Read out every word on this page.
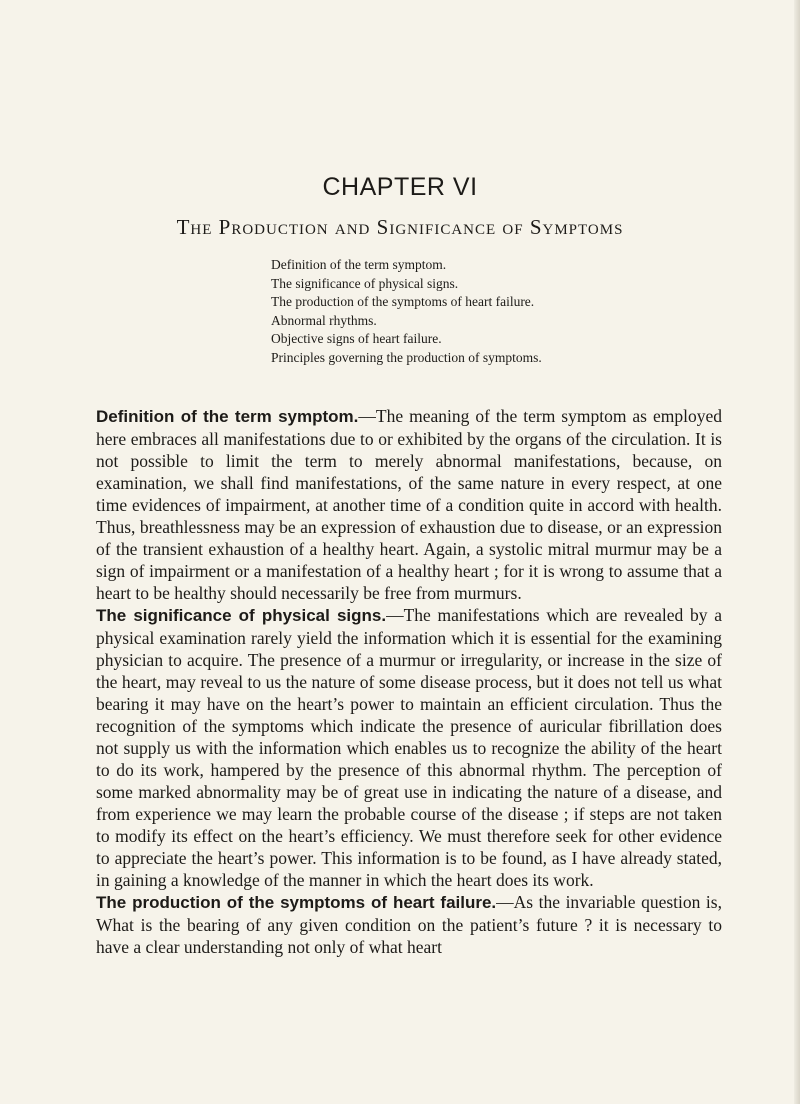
CHAPTER VI
The Production and Significance of Symptoms
Definition of the term symptom.
The significance of physical signs.
The production of the symptoms of heart failure.
Abnormal rhythms.
Objective signs of heart failure.
Principles governing the production of symptoms.

Definition of the term symptom.—The meaning of the term symptom as employed here embraces all manifestations due to or exhibited by the organs of the circulation. It is not possible to limit the term to merely abnormal manifestations, because, on examination, we shall find manifestations, of the same nature in every respect, at one time evidences of impairment, at another time of a condition quite in accord with health. Thus, breathlessness may be an expression of exhaustion due to disease, or an expression of the transient exhaustion of a healthy heart. Again, a systolic mitral murmur may be a sign of impairment or a manifestation of a healthy heart ; for it is wrong to assume that a heart to be healthy should necessarily be free from murmurs.

The significance of physical signs.—The manifestations which are revealed by a physical examination rarely yield the information which it is essential for the examining physician to acquire. The presence of a murmur or irregularity, or increase in the size of the heart, may reveal to us the nature of some disease process, but it does not tell us what bearing it may have on the heart’s power to maintain an efficient circulation. Thus the recognition of the symptoms which indicate the presence of auricular fibrillation does not supply us with the information which enables us to recognize the ability of the heart to do its work, hampered by the presence of this abnormal rhythm. The perception of some marked abnormality may be of great use in indicating the nature of a disease, and from experience we may learn the probable course of the disease ; if steps are not taken to modify its effect on the heart’s efficiency. We must therefore seek for other evidence to appreciate the heart’s power. This information is to be found, as I have already stated, in gaining a knowledge of the manner in which the heart does its work.

The production of the symptoms of heart failure.—As the invariable question is, What is the bearing of any given condition on the patient’s future ? it is necessary to have a clear understanding not only of what heart
